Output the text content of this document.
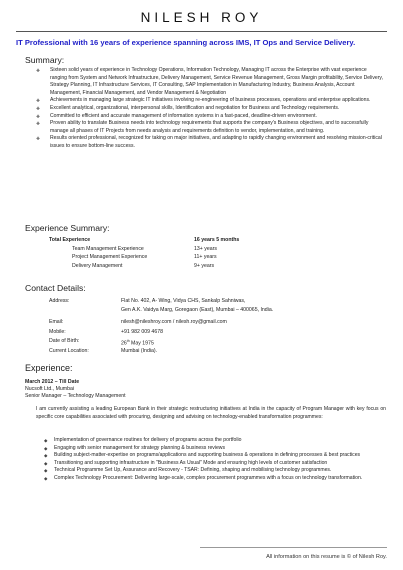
NILESH ROY
IT Professional with 16 years of experience spanning across IMS, IT Ops and Service Delivery.
Summary:
❖ Sixteen solid years of experience in Technology Operations, Information Technology, Managing IT across the Enterprise with vast experience ranging from System and Network Infrastructure, Delivery Management, Service Revenue Management, Gross Margin profitability, Service Delivery, Strategy Planning, IT Infrastructure Services, IT Consulting, SAP Implementation in Manufacturing Industry, Business Analysis, Account Management, Financial Management, and Vendor Management & Negotiation
❖ Achievements in managing large strategic IT initiatives involving re-engineering of business processes, operations and enterprise applications.
❖ Excellent analytical, organizational, interpersonal skills, Identification and negotiation for Business and Technology requirements.
❖ Committed to efficient and accurate management of information systems in a fast-paced, deadline-driven environment.
❖ Proven ability to translate Business needs into technology requirements that supports the company's Business objectives, and to successfully manage all phases of IT Projects from needs analysis and requirements definition to vendor, implementation, and training.
❖ Results oriented professional, recognized for taking on major initiatives, and adapting to rapidly changing environment and resolving mission-critical issues to ensure bottom-line success.
Experience Summary:
Total Experience	16 years 5 months
Team Management Experience	13+ years
Project Management Experience	11+ years
Delivery Management	9+ years
Contact Details:
Address:	Flat No. 402, A- Wing, Vidya CHS, Sankalp Sahniwas,
Gen A.K. Vaidya Marg, Goregaon (East), Mumbai – 400065, India.
Email:	nilesh@nileshroy.com / nilesh.roy@gmail.com
Mobile:	+91 982 009 4678
Date of Birth:	26th May 1975
Current Location:	Mumbai (India).
Experience:
March 2012 – Till Date
Nucsoft Ltd., Mumbai
Senior Manager – Technology Management
I am currently assisting a leading European Bank in their strategic restructuring initiatives at India in the capacity of Program Manager with key focus on specific core capabilities associated with procuring, designing and advising on technology-enabled transformation programmes:
◆ Implementation of governance routines for delivery of programs across the portfolio
◆ Engaging with senior management for strategy planning & business reviews
◆ Building subject-matter-expertise on programs/applications and supporting business & operations in defining processes & best practices
◆ Transitioning and supporting infrastructure in "Business As Usual" Mode and ensuring high levels of customer satisfaction
◆ Technical Programme Set Up, Assurance and Recovery - TSAR: Defining, shaping and mobilising technology programmes.
◆ Complex Technology Procurement: Delivering large-scale, complex procurement programmes with a focus on technology transformation.
All information on this resume is © of Nilesh Roy.
